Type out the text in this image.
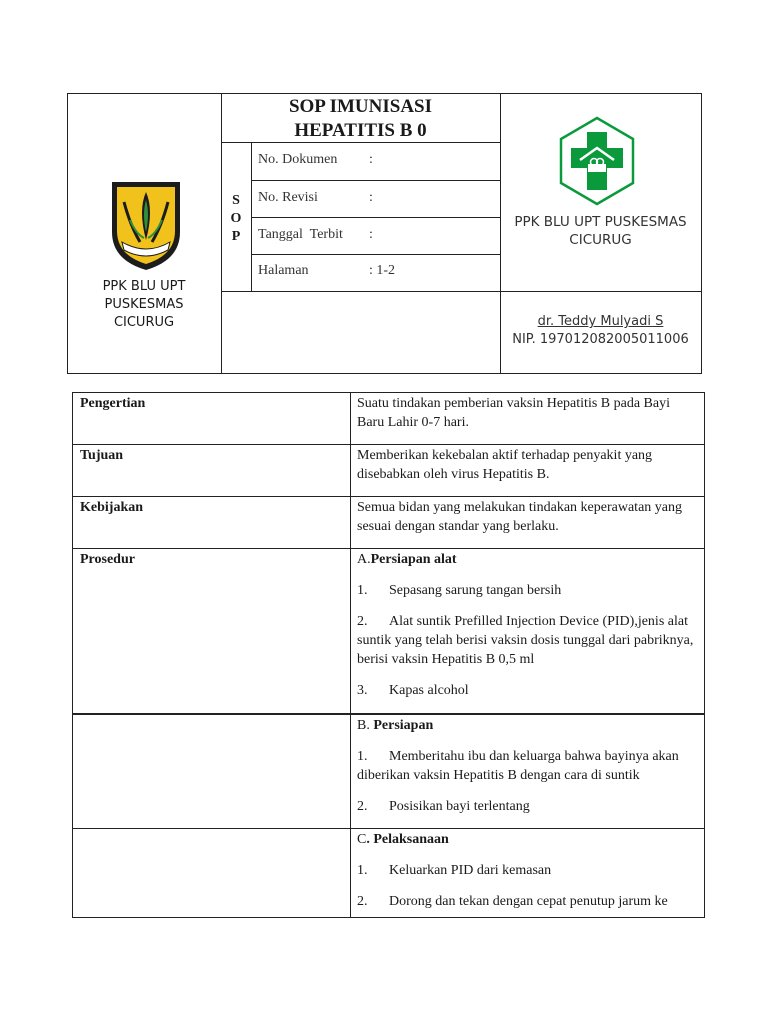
SOP IMUNISASI
HEPATITIS B 0
S
O
P
No. Dokumen :
No. Revisi	:
Tanggal  Terbit :
Halaman	: 1-2
PPK BLU UPT
PUSKESMAS
CICURUG
PPK BLU UPT PUSKESMAS
CICURUG
dr. Teddy Mulyadi S
NIP. 197012082005011006
Pengertian	Suatu tindakan pemberian vaksin Hepatitis B pada Bayi Baru Lahir 0-7 hari.
Tujuan	Memberikan kekebalan aktif terhadap penyakit yang disebabkan oleh virus Hepatitis B.
Kebijakan	Semua bidan yang melakukan tindakan keperawatan yang sesuai dengan standar yang berlaku.
Prosedur	A.Persiapan alat

1. Sepasang sarung tangan bersih

2. Alat suntik Prefilled Injection Device (PID),jenis alat suntik yang telah berisi vaksin dosis tunggal dari pabriknya, berisi vaksin Hepatitis B 0,5 ml

3. Kapas alcohol

	B. Persiapan

1. Memberitahu ibu dan keluarga bahwa bayinya akan diberikan vaksin Hepatitis B dengan cara di suntik

2. Posisikan bayi terlentang

	C. Pelaksanaan

1. Keluarkan PID dari kemasan

2. Dorong dan tekan dengan cepat penutup jarum ke
